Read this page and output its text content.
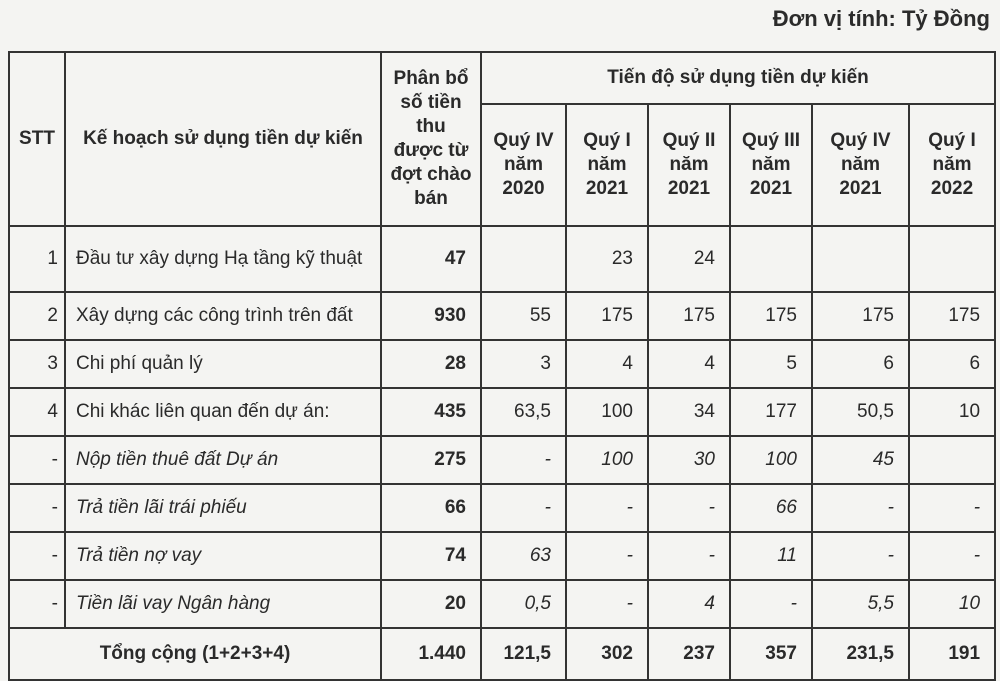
Đơn vị tính: Tỷ Đồng
STT	Kế hoạch sử dụng tiền dự kiến	Phân bổ số tiền thu được từ đợt chào bán	Tiến độ sử dụng tiền dự kiến					
			Quý IV năm 2020	Quý I năm 2021	Quý II năm 2021	Quý III năm 2021	Quý IV năm 2021	Quý I năm 2022
1	Đầu tư xây dựng Hạ tầng kỹ thuật	47		23	24			
2	Xây dựng các công trình trên đất	930	55	175	175	175	175	175
3	Chi phí quản lý	28	3	4	4	5	6	6
4	Chi khác liên quan đến dự án:	435	63,5	100	34	177	50,5	10
-	Nộp tiền thuê đất Dự án	275	-	100	30	100	45	
-	Trả tiền lãi trái phiếu	66	-	-	-	66	-	-
-	Trả tiền nợ vay	74	63	-	-	11	-	-
-	Tiền lãi vay Ngân hàng	20	0,5	-	4	-	5,5	10
Tổng cộng (1+2+3+4)		1.440	121,5	302	237	357	231,5	191
